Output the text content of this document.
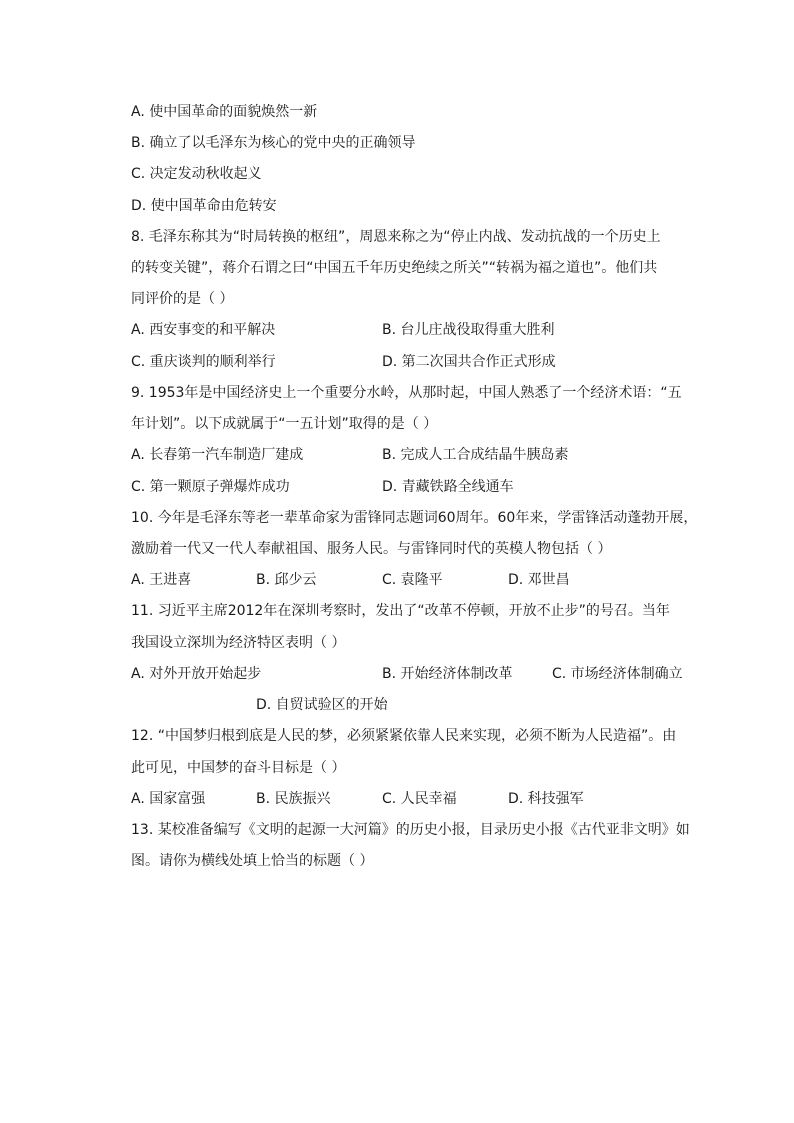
A. 使中国革命的面貌焕然一新
B. 确立了以毛泽东为核心的党中央的正确领导
C. 决定发动秋收起义
D. 使中国革命由危转安
8. 毛泽东称其为“时局转换的枢纽”，周恩来称之为“停止内战、发动抗战的一个历史上
的转变关键”，蒋介石谓之曰“中国五千年历史绝续之所关”“转祸为福之道也”。他们共
同评价的是（ ）
A. 西安事变的和平解决	B. 台儿庄战役取得重大胜利
C. 重庆谈判的顺利举行	D. 第二次国共合作正式形成
9. 1953年是中国经济史上一个重要分水岭，从那时起，中国人熟悉了一个经济术语：“五
年计划”。以下成就属于“一五计划”取得的是（ ）
A. 长春第一汽车制造厂建成	B. 完成人工合成结晶牛胰岛素
C. 第一颗原子弹爆炸成功	D. 青藏铁路全线通车
10. 今年是毛泽东等老一辈革命家为雷锋同志题词60周年。60年来，学雷锋活动蓬勃开展，
激励着一代又一代人奉献祖国、服务人民。与雷锋同时代的英模人物包括（ ）
A. 王进喜	B. 邱少云	C. 袁隆平	D. 邓世昌
11. 习近平主席2012年在深圳考察时，发出了“改革不停顿，开放不止步”的号召。当年
我国设立深圳为经济特区表明（ ）
A. 对外开放开始起步	B. 开始经济体制改革	C. 市场经济体制确立
D. 自贸试验区的开始
12. “中国梦归根到底是人民的梦，必须紧紧依靠人民来实现，必须不断为人民造福”。由
此可见，中国梦的奋斗目标是（ ）
A. 国家富强	B. 民族振兴	C. 人民幸福	D. 科技强军
13. 某校准备编写《文明的起源一大河篇》的历史小报，目录历史小报《古代亚非文明》如
图。请你为横线处填上恰当的标题（ ）
